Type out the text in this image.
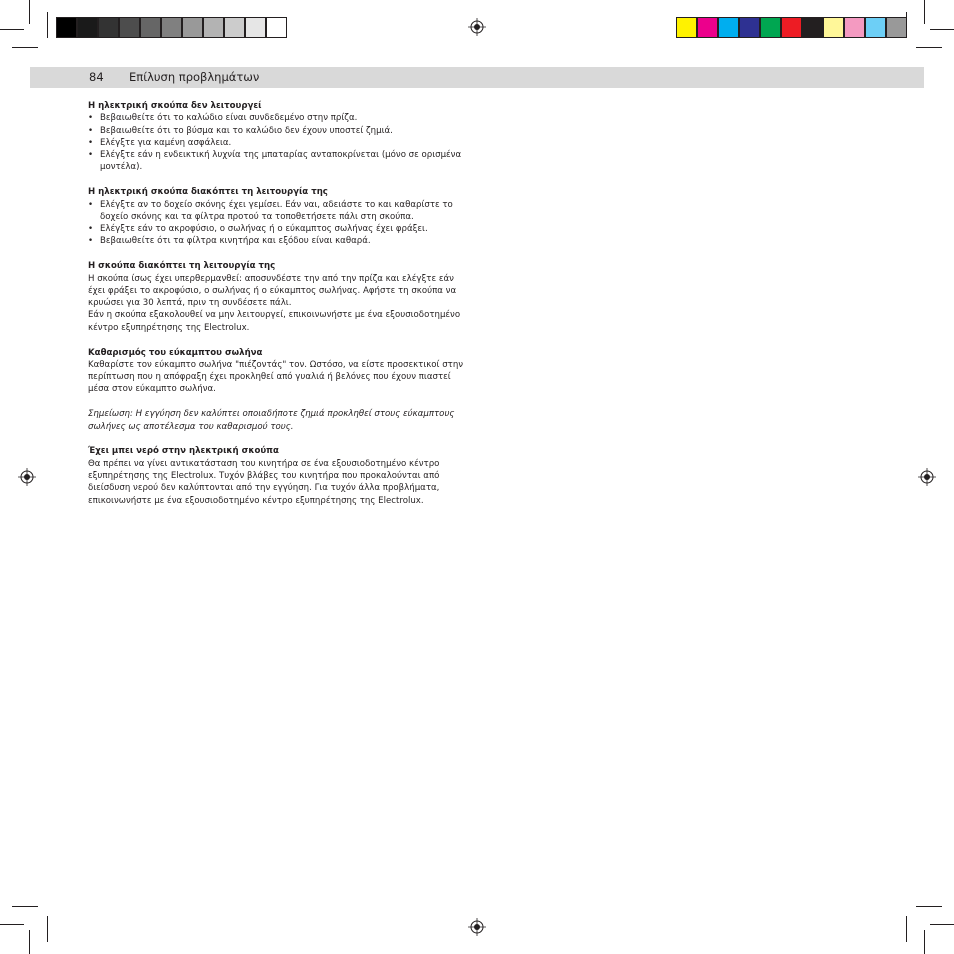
84 Επίλυση προβλημάτων
Η ηλεκτρική σκούπα δεν λειτουργεί
• Βεβαιωθείτε ότι το καλώδιο είναι συνδεδεμένο στην πρίζα.
• Βεβαιωθείτε ότι το βύσμα και το καλώδιο δεν έχουν υποστεί ζημιά.
• Ελέγξτε για καμένη ασφάλεια.
• Ελέγξτε εάν η ενδεικτική λυχνία της μπαταρίας ανταποκρίνεται (μόνο σε ορισμένα μοντέλα).
Η ηλεκτρική σκούπα διακόπτει τη λειτουργία της
• Ελέγξτε αν το δοχείο σκόνης έχει γεμίσει. Εάν ναι, αδειάστε το και καθαρίστε το δοχείο σκόνης και τα φίλτρα προτού τα τοποθετήσετε πάλι στη σκούπα.
• Ελέγξτε εάν το ακροφύσιο, ο σωλήνας ή ο εύκαμπτος σωλήνας έχει φράξει.
• Βεβαιωθείτε ότι τα φίλτρα κινητήρα και εξόδου είναι καθαρά.
Η σκούπα διακόπτει τη λειτουργία της

Η σκούπα ίσως έχει υπερθερμανθεί: αποσυνδέστε την από την πρίζα και ελέγξτε εάν έχει φράξει το ακροφύσιο, ο σωλήνας ή ο εύκαμπτος σωλήνας. Αφήστε τη σκούπα να κρυώσει για 30 λεπτά, πριν τη συνδέσετε πάλι.

Εάν η σκούπα εξακολουθεί να μην λειτουργεί, επικοινωνήστε με ένα εξουσιοδοτημένο κέντρο εξυπηρέτησης της Electrolux.

Καθαρισμός του εύκαμπτου σωλήνα

Καθαρίστε τον εύκαμπτο σωλήνα "πιέζοντάς" τον. Ωστόσο, να είστε προσεκτικοί στην περίπτωση που η απόφραξη έχει προκληθεί από γυαλιά ή βελόνες που έχουν πιαστεί μέσα στον εύκαμπτο σωλήνα.

Σημείωση: Η εγγύηση δεν καλύπτει οποιαδήποτε ζημιά προκληθεί στους εύκαμπτους σωλήνες ως αποτέλεσμα του καθαρισμού τους.

Έχει μπει νερό στην ηλεκτρική σκούπα

Θα πρέπει να γίνει αντικατάσταση του κινητήρα σε ένα εξουσιοδοτημένο κέντρο εξυπηρέτησης της Electrolux. Τυχόν βλάβες του κινητήρα που προκαλούνται από διείσδυση νερού δεν καλύπτονται από την εγγύηση. Για τυχόν άλλα προβλήματα, επικοινωνήστε με ένα εξουσιοδοτημένο κέντρο εξυπηρέτησης της Electrolux.
